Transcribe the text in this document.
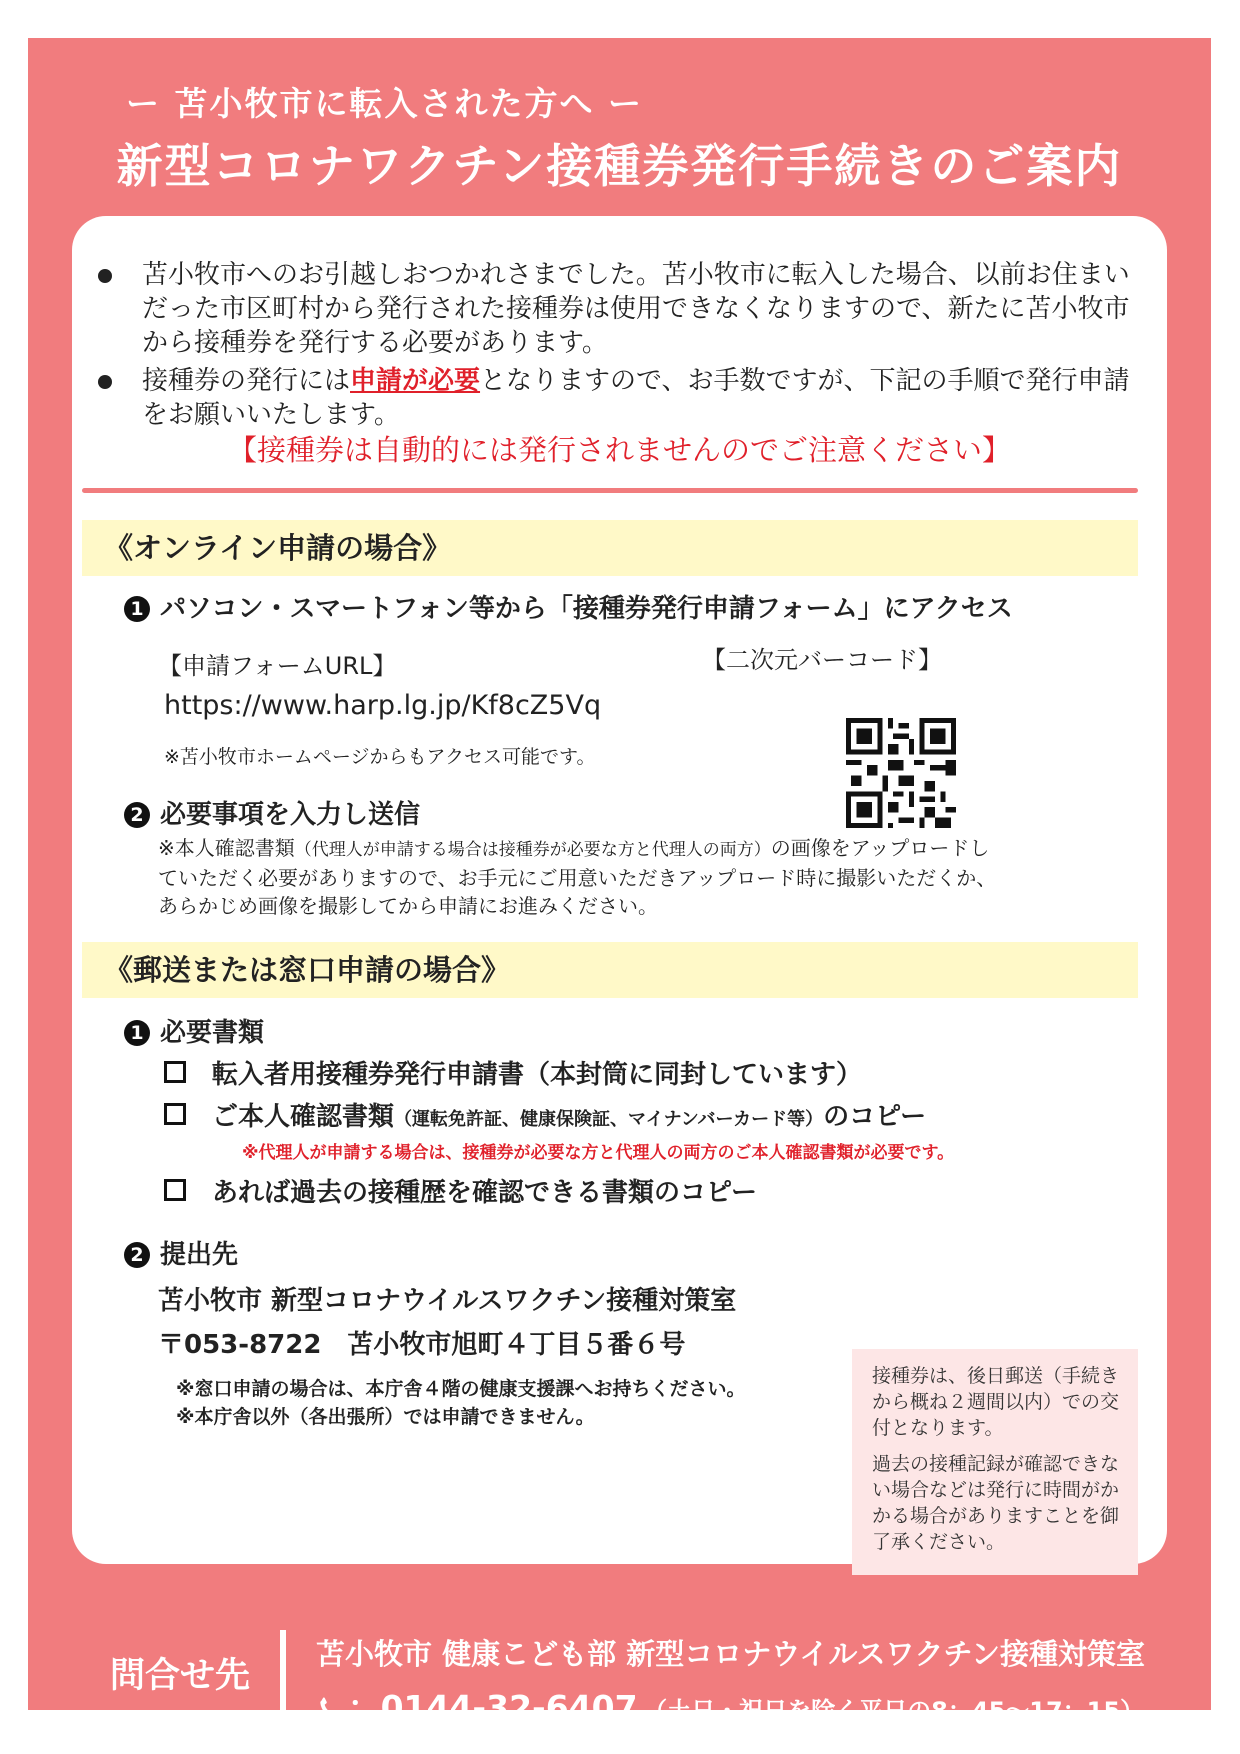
ー 苫小牧市に転入された方へ ー
新型コロナワクチン接種券発行手続きのご案内
苫小牧市へのお引越しおつかれさまでした。苫小牧市に転入した場合、以前お住まいだった市区町村から発行された接種券は使用できなくなりますので、新たに苫小牧市から接種券を発行する必要があります。
接種券の発行には申請が必要となりますので、お手数ですが、下記の手順で発行申請をお願いいたします。
【接種券は自動的には発行されませんのでご注意ください】
《オンライン申請の場合》
1 パソコン・スマートフォン等から「接種券発行申請フォーム」にアクセス
【申請フォームURL】
https://www.harp.lg.jp/Kf8cZ5Vq
※苫小牧市ホームページからもアクセス可能です。
【二次元バーコード】
2 必要事項を入力し送信
※本人確認書類（代理人が申請する場合は接種券が必要な方と代理人の両方）の画像をアップロードしていただく必要がありますので、お手元にご用意いただきアップロード時に撮影いただくか、あらかじめ画像を撮影してから申請にお進みください。
《郵送または窓口申請の場合》
1 必要書類
転入者用接種券発行申請書（本封筒に同封しています）
ご本人確認書類（運転免許証、健康保険証、マイナンバーカード等）のコピー
※代理人が申請する場合は、接種券が必要な方と代理人の両方のご本人確認書類が必要です。
あれば過去の接種歴を確認できる書類のコピー
2 提出先
苫小牧市 新型コロナウイルスワクチン接種対策室
〒053-8722　苫小牧市旭町４丁目５番６号
※窓口申請の場合は、本庁舎４階の健康支援課へお持ちください。
※本庁舎以外（各出張所）では申請できません。

接種券は、後日郵送（手続きから概ね２週間以内）での交付となります。

過去の接種記録が確認できない場合などは発行に時間がかかる場合がありますことを御了承ください。

問合せ先
苫小牧市 健康こども部 新型コロナウイルスワクチン接種対策室
：0144-32-6407 （土日・祝日を除く平日の8：45〜17：15）
